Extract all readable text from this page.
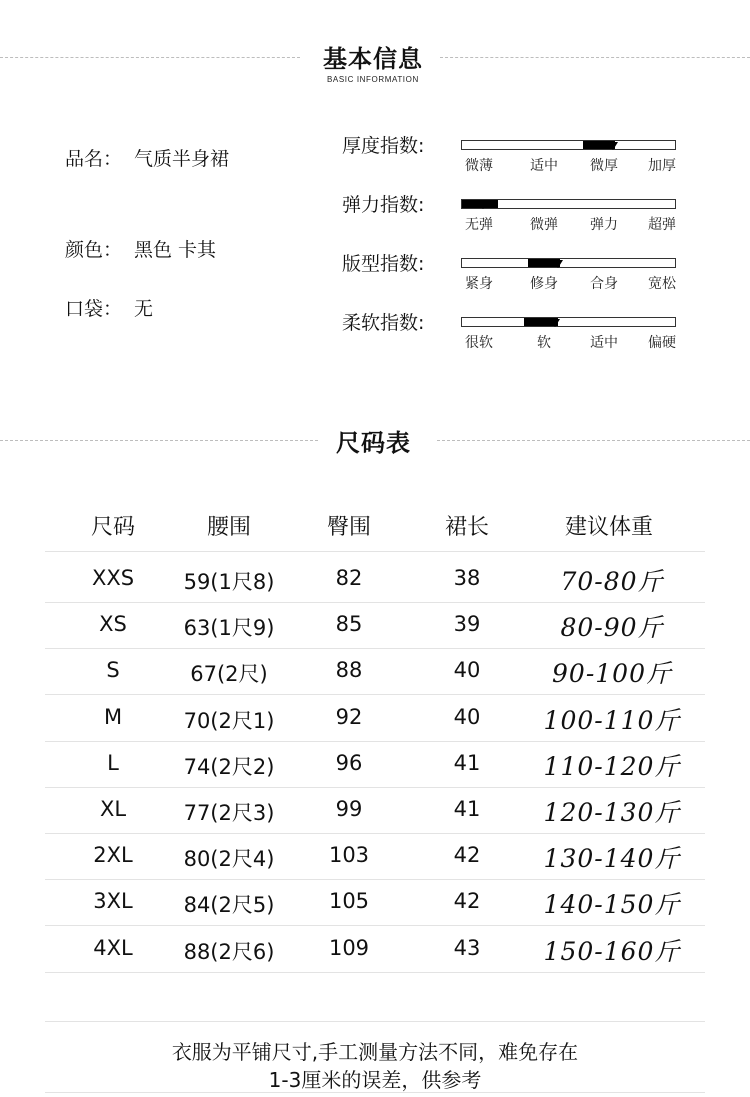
基本信息
BASIC INFORMATION
品名： 气质半身裙
颜色： 黑色 卡其
口袋： 无
厚度指数:
微薄	适中 微厚 加厚
弹力指数:
无弹	微弹 弹力 超弹
版型指数:
紧身	修身 合身 宽松
柔软指数:
很软	软	适中 偏硬
尺码表
尺码	腰围	臀围	裙长	建议体重
XXS 59(1尺8)	82	38	70-80斤
XS	63(1尺9)	85	39	80-90斤
S	67(2尺)	88	40	90-100斤
M	70(2尺1)	92	40	100-110斤
L	74(2尺2)	96	41	110-120斤
XL	77(2尺3)	99	41	120-130斤
2XL 80(2尺4)	103	42	130-140斤
3XL 84(2尺5)	105	42	140-150斤
4XL 88(2尺6)	109	43	150-160斤
衣服为平铺尺寸,手工测量方法不同，难免存在
1-3厘米的误差，供参考
